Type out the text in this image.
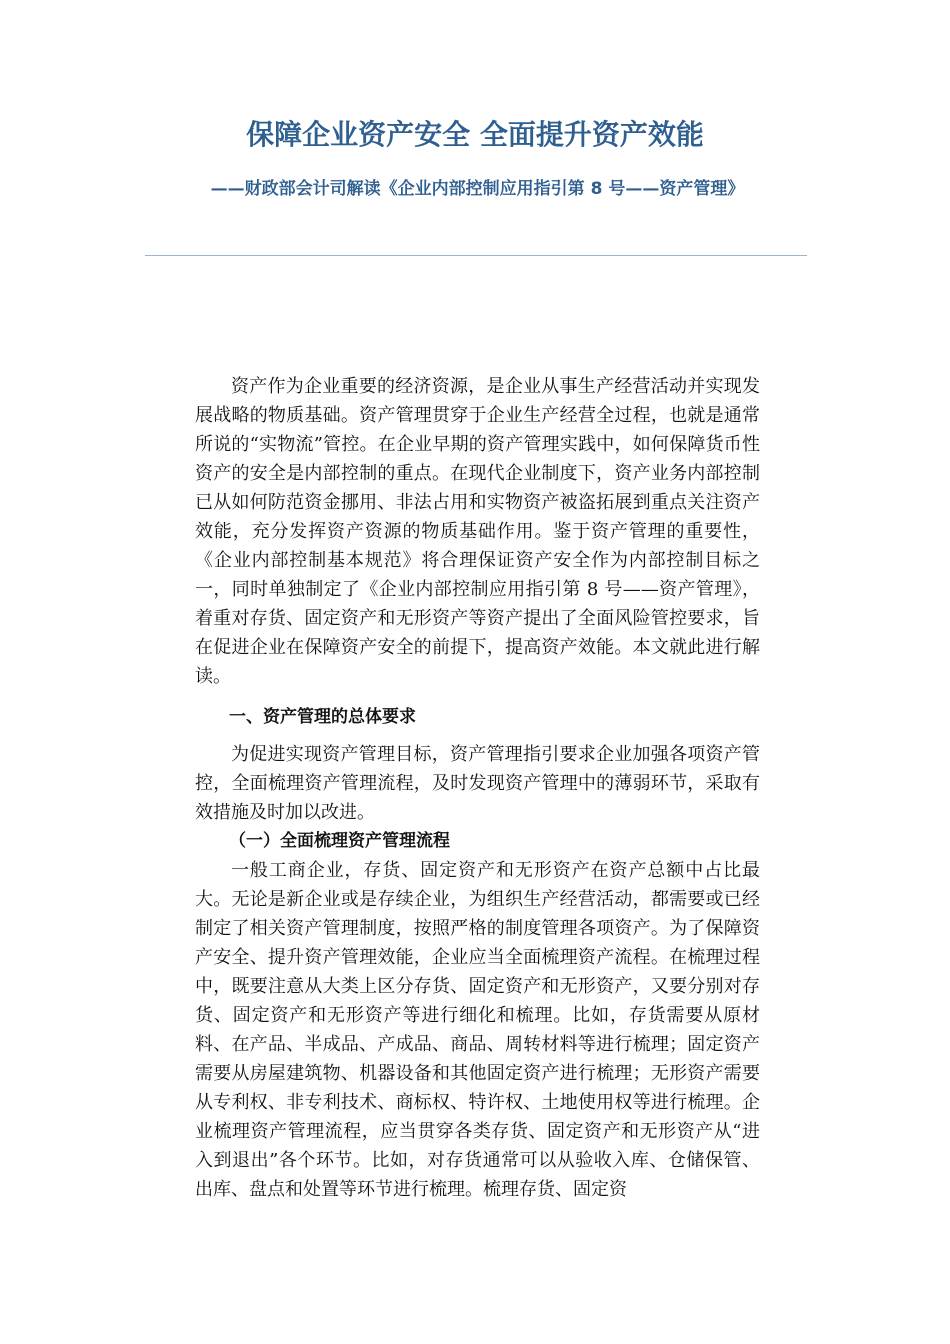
保障企业资产安全 全面提升资产效能
——财政部会计司解读《企业内部控制应用指引第 8 号——资产管理》

资产作为企业重要的经济资源，是企业从事生产经营活动并实现发展战略的物质基础。资产管理贯穿于企业生产经营全过程，也就是通常所说的“实物流”管控。在企业早期的资产管理实践中，如何保障货币性资产的安全是内部控制的重点。在现代企业制度下，资产业务内部控制已从如何防范资金挪用、非法占用和实物资产被盗拓展到重点关注资产效能，充分发挥资产资源的物质基础作用。鉴于资产管理的重要性，《企业内部控制基本规范》将合理保证资产安全作为内部控制目标之一，同时单独制定了《企业内部控制应用指引第 8 号——资产管理》，着重对存货、固定资产和无形资产等资产提出了全面风险管控要求，旨在促进企业在保障资产安全的前提下，提高资产效能。本文就此进行解读。

一、资产管理的总体要求

为促进实现资产管理目标，资产管理指引要求企业加强各项资产管控，全面梳理资产管理流程，及时发现资产管理中的薄弱环节，采取有效措施及时加以改进。

（一）全面梳理资产管理流程

一般工商企业，存货、固定资产和无形资产在资产总额中占比最大。无论是新企业或是存续企业，为组织生产经营活动，都需要或已经制定了相关资产管理制度，按照严格的制度管理各项资产。为了保障资产安全、提升资产管理效能，企业应当全面梳理资产流程。在梳理过程中，既要注意从大类上区分存货、固定资产和无形资产，又要分别对存货、固定资产和无形资产等进行细化和梳理。比如，存货需要从原材料、在产品、半成品、产成品、商品、周转材料等进行梳理；固定资产需要从房屋建筑物、机器设备和其他固定资产进行梳理；无形资产需要从专利权、非专利技术、商标权、特许权、土地使用权等进行梳理。企业梳理资产管理流程，应当贯穿各类存货、固定资产和无形资产从“进入到退出”各个环节。比如，对存货通常可以从验收入库、仓储保管、出库、盘点和处置等环节进行梳理。梳理存货、固定资
